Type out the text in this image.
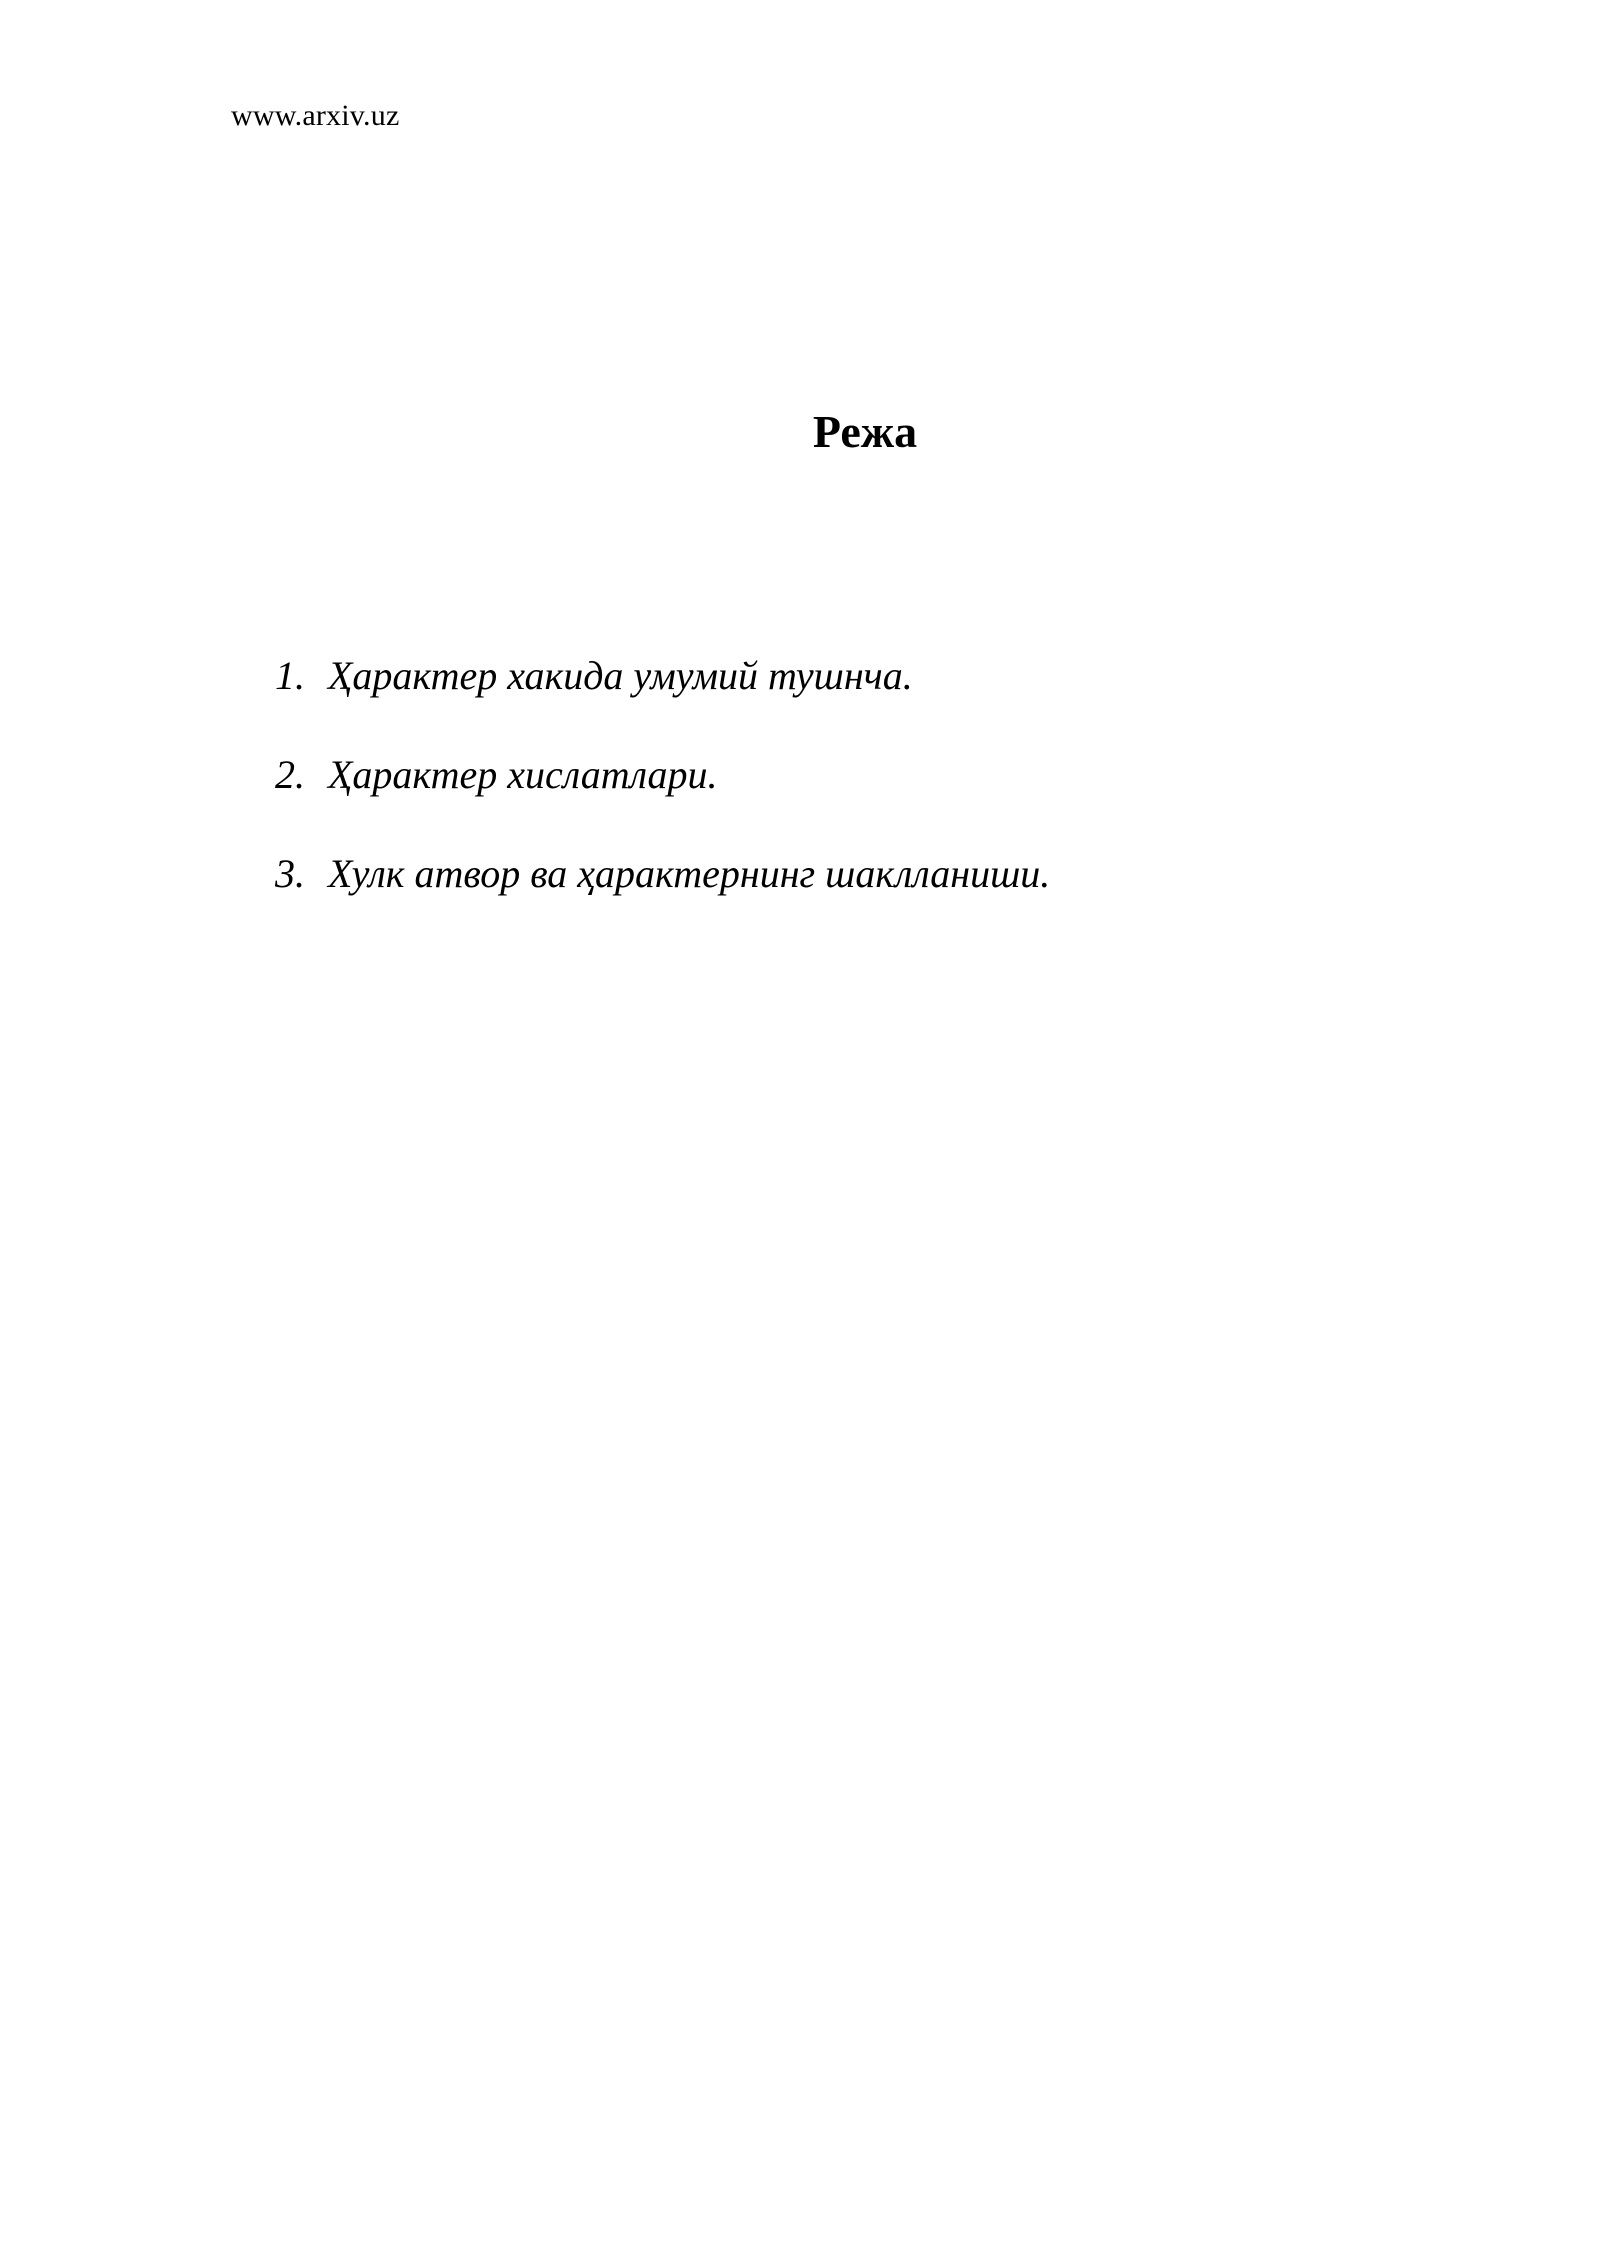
www.arxiv.uz
Режа
1. Ҳарактер хакида умумий тушнча.
2. Ҳарактер хислатлари.
3. Хулк атвор ва ҳарактернинг шаклланиши.
